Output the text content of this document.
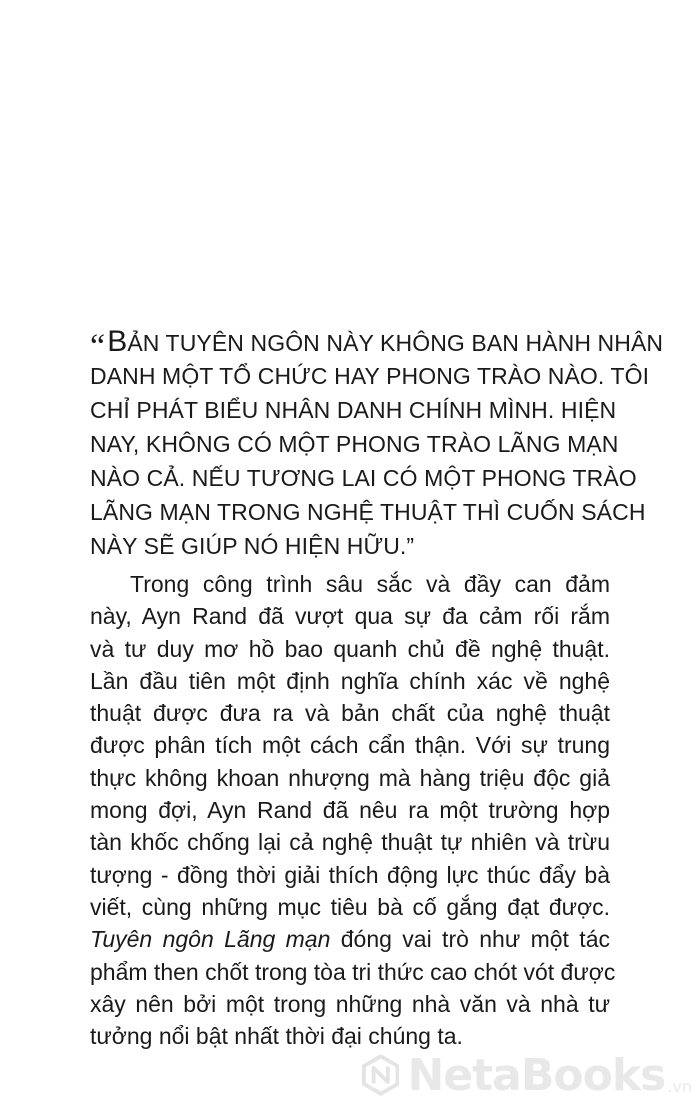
“BẢN TUYÊN NGÔN NÀY KHÔNG BAN HÀNH NHÂN
DANH MỘT TỔ CHỨC HAY PHONG TRÀO NÀO. TÔI
CHỈ PHÁT BIỂU NHÂN DANH CHÍNH MÌNH. HIỆN
NAY, KHÔNG CÓ MỘT PHONG TRÀO LÃNG MẠN
NÀO CẢ. NẾU TƯƠNG LAI CÓ MỘT PHONG TRÀO
LÃNG MẠN TRONG NGHỆ THUẬT THÌ CUỐN SÁCH
NÀY SẼ GIÚP NÓ HIỆN HỮU.”
Trong công trình sâu sắc và đầy can đảm
này, Ayn Rand đã vượt qua sự đa cảm rối rắm
và tư duy mơ hồ bao quanh chủ đề nghệ thuật.
Lần đầu tiên một định nghĩa chính xác về nghệ
thuật được đưa ra và bản chất của nghệ thuật
được phân tích một cách cẩn thận. Với sự trung
thực không khoan nhượng mà hàng triệu độc giả
mong đợi, Ayn Rand đã nêu ra một trường hợp
tàn khốc chống lại cả nghệ thuật tự nhiên và trừu
tượng - đồng thời giải thích động lực thúc đẩy bà
viết, cùng những mục tiêu bà cố gắng đạt được.
Tuyên ngôn Lãng mạn đóng vai trò như một tác
phẩm then chốt trong tòa tri thức cao chót vót được
xây nên bởi một trong những nhà văn và nhà tư
tưởng nổi bật nhất thời đại chúng ta.
NetaBooks .vn
